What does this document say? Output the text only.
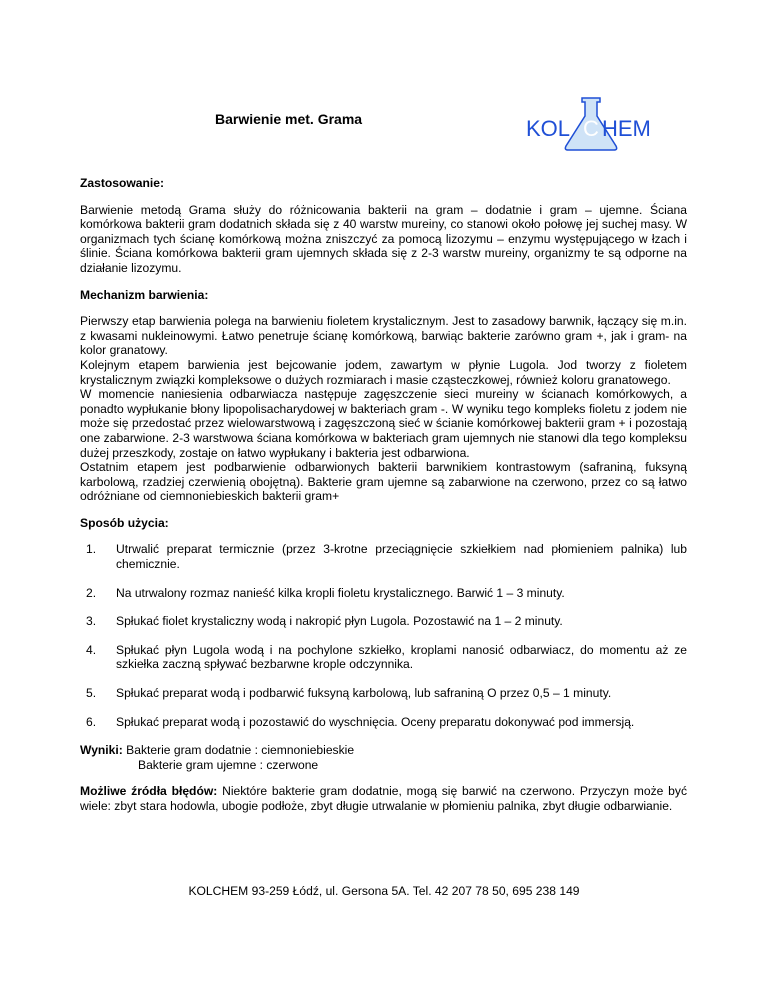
Barwienie met. Grama	KOL C HEM
Zastosowanie:

Barwienie metodą Grama służy do różnicowania bakterii na gram – dodatnie i gram – ujemne. Ściana komórkowa bakterii gram dodatnich składa się z 40 warstw mureiny, co stanowi około połowę jej suchej masy. W organizmach tych ścianę komórkową można zniszczyć za pomocą lizozymu – enzymu występującego w łzach i ślinie. Ściana komórkowa bakterii gram ujemnych składa się z 2-3 warstw mureiny, organizmy te są odporne na działanie lizozymu.

Mechanizm barwienia:

Pierwszy etap barwienia polega na barwieniu fioletem krystalicznym. Jest to zasadowy barwnik, łączący się m.in. z kwasami nukleinowymi. Łatwo penetruje ścianę komórkową, barwiąc bakterie zarówno gram +, jak i gram- na kolor granatowy.

Kolejnym etapem barwienia jest bejcowanie jodem, zawartym w płynie Lugola. Jod tworzy z fioletem krystalicznym związki kompleksowe o dużych rozmiarach i masie cząsteczkowej, również koloru granatowego.

W momencie naniesienia odbarwiacza następuje zagęszczenie sieci mureiny w ścianach komórkowych, a ponadto wypłukanie błony lipopolisacharydowej w bakteriach gram -. W wyniku tego kompleks fioletu z jodem nie może się przedostać przez wielowarstwową i zagęszczoną sieć w ścianie komórkowej bakterii gram + i pozostają one zabarwione. 2-3 warstwowa ściana komórkowa w bakteriach gram ujemnych nie stanowi dla tego kompleksu dużej przeszkody, zostaje on łatwo wypłukany i bakteria jest odbarwiona.

Ostatnim etapem jest podbarwienie odbarwionych bakterii barwnikiem kontrastowym (safraniną, fuksyną karbolową, rzadziej czerwienią obojętną). Bakterie gram ujemne są zabarwione na czerwono, przez co są łatwo odróżniane od ciemnoniebieskich bakterii gram+

Sposób użycia:
1. Utrwalić preparat termicznie (przez 3-krotne przeciągnięcie szkiełkiem nad płomieniem palnika) lub chemicznie.
2. Na utrwalony rozmaz nanieść kilka kropli fioletu krystalicznego. Barwić 1 – 3 minuty.
3. Spłukać fiolet krystaliczny wodą i nakropić płyn Lugola. Pozostawić na 1 – 2 minuty.
4. Spłukać płyn Lugola wodą i na pochylone szkiełko, kroplami nanosić odbarwiacz, do momentu aż ze szkiełka zaczną spływać bezbarwne krople odczynnika.
5. Spłukać preparat wodą i podbarwić fuksyną karbolową, lub safraniną O przez 0,5 – 1 minuty.
6. Spłukać preparat wodą i pozostawić do wyschnięcia. Oceny preparatu dokonywać pod immersją.
Wyniki: Bakterie gram dodatnie : ciemnoniebieskie
Bakterie gram ujemne : czerwone

Możliwe źródła błędów: Niektóre bakterie gram dodatnie, mogą się barwić na czerwono. Przyczyn może być wiele: zbyt stara hodowla, ubogie podłoże, zbyt długie utrwalanie w płomieniu palnika, zbyt długie odbarwianie.

KOLCHEM 93-259 Łódź, ul. Gersona 5A. Tel. 42 207 78 50, 695 238 149
